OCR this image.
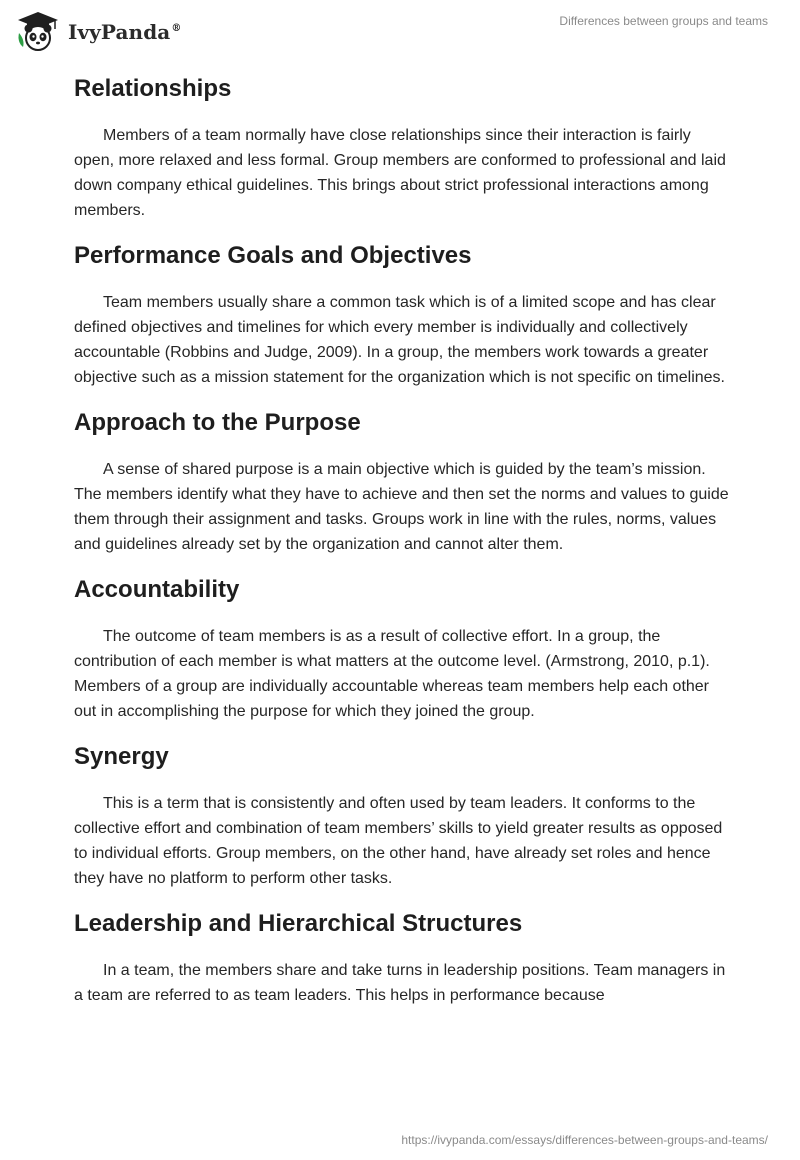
IvyPanda®
Differences between groups and teams
Relationships

Members of a team normally have close relationships since their interaction is fairly open, more relaxed and less formal. Group members are conformed to professional and laid down company ethical guidelines. This brings about strict professional interactions among members.

Performance Goals and Objectives

Team members usually share a common task which is of a limited scope and has clear defined objectives and timelines for which every member is individually and collectively accountable (Robbins and Judge, 2009). In a group, the members work towards a greater objective such as a mission statement for the organization which is not specific on timelines.

Approach to the Purpose

A sense of shared purpose is a main objective which is guided by the team’s mission. The members identify what they have to achieve and then set the norms and values to guide them through their assignment and tasks. Groups work in line with the rules, norms, values and guidelines already set by the organization and cannot alter them.

Accountability

The outcome of team members is as a result of collective effort. In a group, the contribution of each member is what matters at the outcome level. (Armstrong, 2010, p.1). Members of a group are individually accountable whereas team members help each other out in accomplishing the purpose for which they joined the group.

Synergy

This is a term that is consistently and often used by team leaders. It conforms to the collective effort and combination of team members’ skills to yield greater results as opposed to individual efforts. Group members, on the other hand, have already set roles and hence they have no platform to perform other tasks.

Leadership and Hierarchical Structures

In a team, the members share and take turns in leadership positions. Team managers in a team are referred to as team leaders. This helps in performance because

https://ivypanda.com/essays/differences-between-groups-and-teams/
